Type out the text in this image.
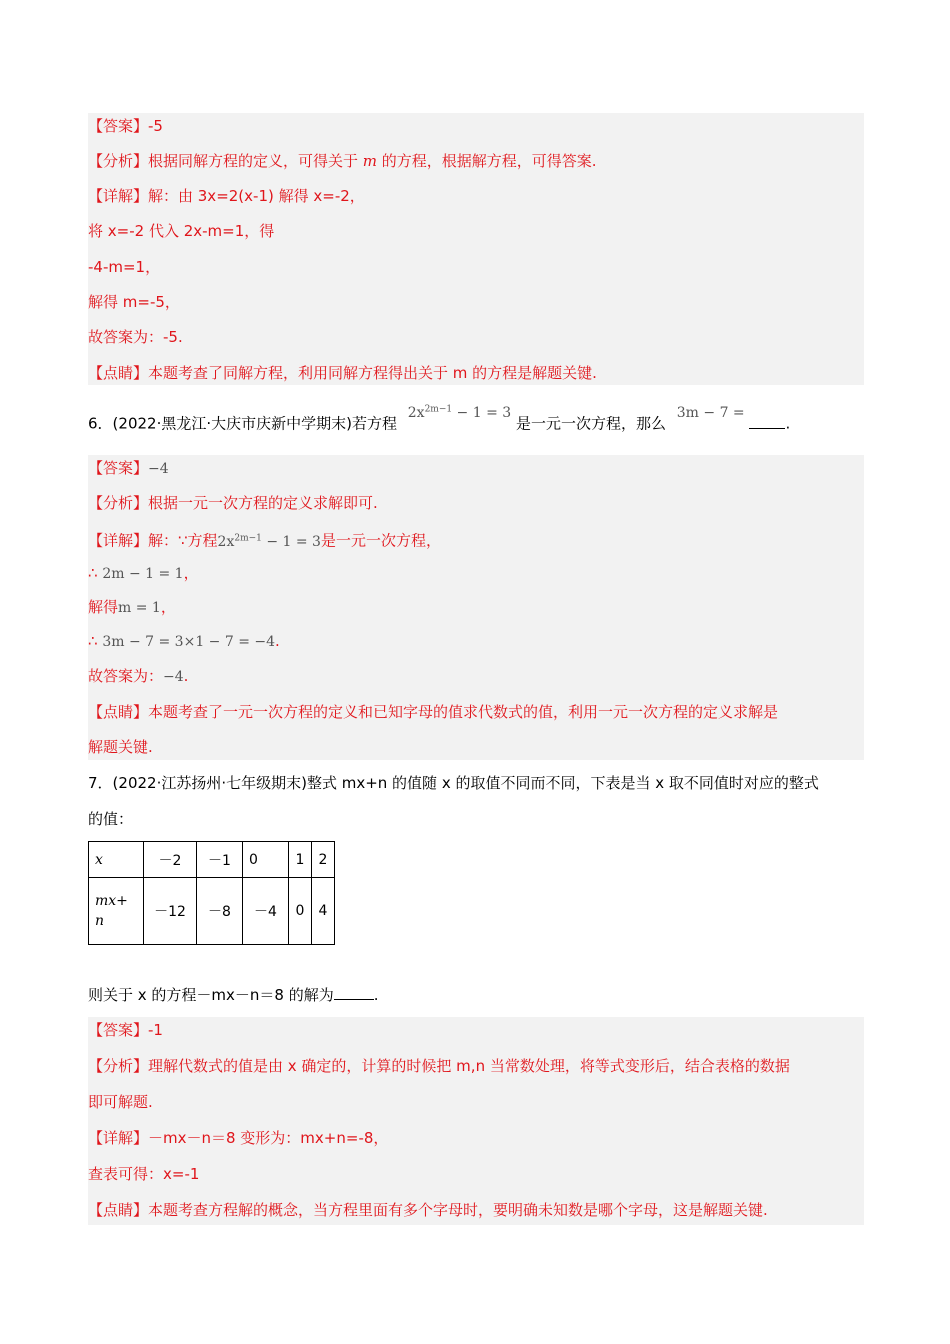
【答案】-5
【分析】根据同解方程的定义，可得关于 m 的方程，根据解方程，可得答案.
【详解】解：由 3x=2(x-1) 解得 x=-2，
将 x=-2 代入 2x-m=1，得
-4-m=1，
解得 m=-5，
故答案为：-5.
【点睛】本题考查了同解方程，利用同解方程得出关于 m 的方程是解题关键.
6．(2022·黑龙江·大庆市庆新中学期末)若方程 $2x^{2m-1} - 1 = 3$ 是一元一次方程，那么 3m − 7 = .
【答案】−4
【分析】根据一元一次方程的定义求解即可.
【详解】解：∵方程$2x^{2m-1} - 1 = 3$是一元一次方程，
∴ 2m − 1 = 1，
解得m = 1，
∴ 3m − 7 = 3×1 − 7 = −4.
故答案为：−4.
【点睛】本题考查了一元一次方程的定义和已知字母的值求代数式的值，利用一元一次方程的定义求解是
解题关键.
7．(2022·江苏扬州·七年级期末)整式 mx+n 的值随 x 的取值不同而不同，下表是当 x 取不同值时对应的整式
的值：
x	－2	－1	0	1	2
mx+
n	－12	－8	－4	0	4
则关于 x 的方程－mx－n＝8 的解为	.
【答案】-1
【分析】理解代数式的值是由 x 确定的，计算的时候把 m,n 当常数处理，将等式变形后，结合表格的数据
即可解题.
【详解】－mx－n＝8 变形为：mx+n=-8，
查表可得：x=-1
【点睛】本题考查方程解的概念，当方程里面有多个字母时，要明确未知数是哪个字母，这是解题关键.
